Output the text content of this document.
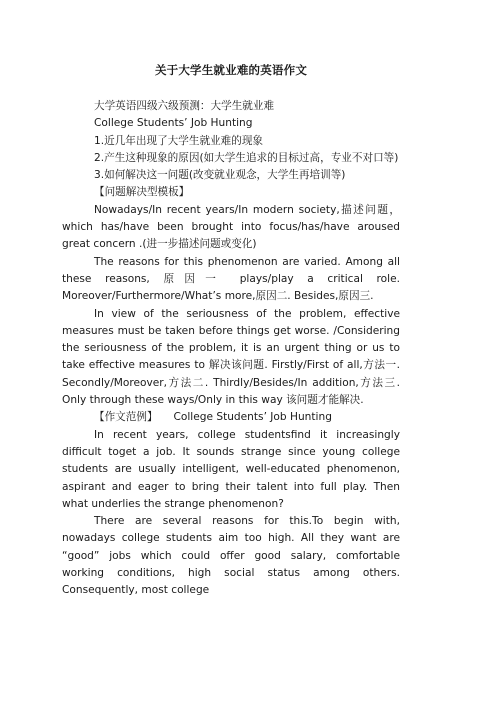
关于大学生就业难的英语作文

大学英语四级六级预测：大学生就业难

College Students’ Job Hunting

1.近几年出现了大学生就业难的现象

2.产生这种现象的原因(如大学生追求的目标过高，专业不对口等)

3.如何解决这一问题(改变就业观念，大学生再培训等)

【问题解决型模板】

Nowadays/In recent years/In modern society,描述问题，which has/have been brought into focus/has/have aroused great concern .(进一步描述问题或变化)

The reasons for this phenomenon are varied. Among all these reasons, 原因一 plays/play a critical role. Moreover/Furthermore/What’s more,原因二. Besides,原因三.

In view of the seriousness of the problem, effective measures must be taken before things get worse. /Considering the seriousness of the problem, it is an urgent thing or us to take effective measures to 解决该问题. Firstly/First of all,方法一. Secondly/Moreover,方法二. Thirdly/Besides/In addition,方法三. Only through these ways/Only in this way 该问题才能解决.

【作文范例】　　College Students’ Job Hunting

In recent years, college studentsfind it increasingly difficult toget a job. It sounds strange since young college students are usually intelligent, well-educated phenomenon, aspirant and eager to bring their talent into full play. Then what underlies the strange phenomenon?

There are several reasons for this.To begin with, nowadays college students aim too high. All they want are “good” jobs which could offer good salary, comfortable working conditions, high social status among others. Consequently, most college
